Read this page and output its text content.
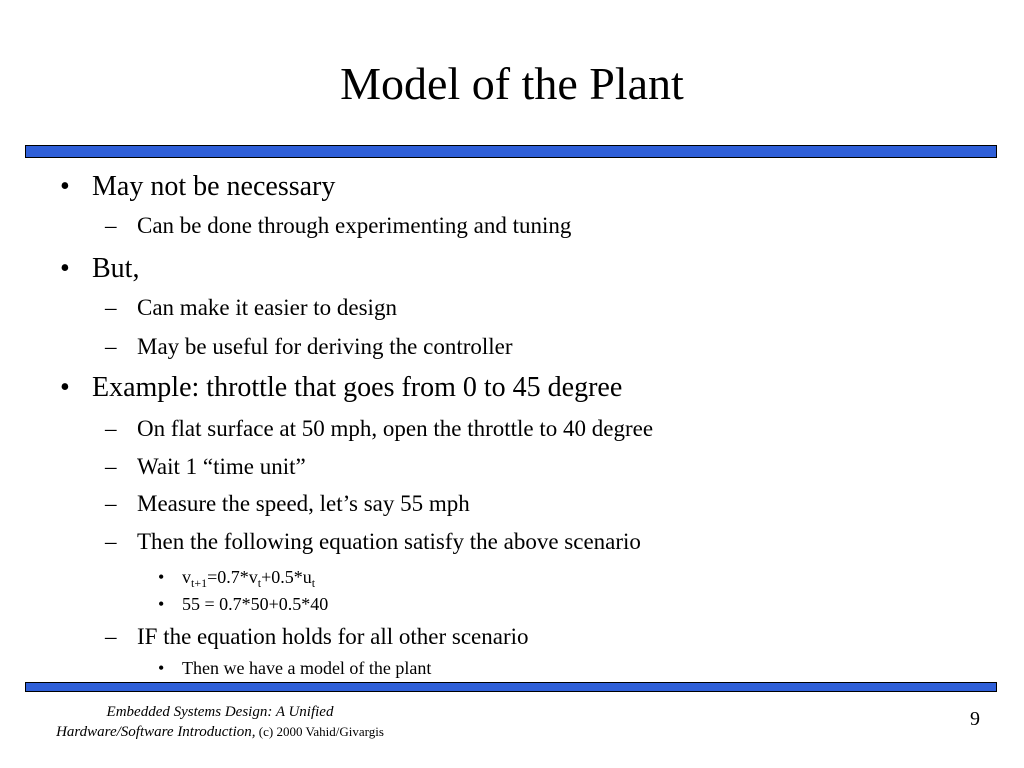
Model of the Plant
• May not be necessary
– Can be done through experimenting and tuning
• But,
– Can make it easier to design
– May be useful for deriving the controller
• Example: throttle that goes from 0 to 45 degree
– On flat surface at 50 mph, open the throttle to 40 degree
– Wait 1 “time unit”
– Measure the speed, let’s say 55 mph
– Then the following equation satisfy the above scenario
• $v_{t+1}=0.7*v_t+0.5*u_t$
• 55 = 0.7*50+0.5*40
– IF the equation holds for all other scenario
• Then we have a model of the plant
Embedded Systems Design: A Unified
Hardware/Software Introduction, (c) 2000 Vahid/Givargis
9
